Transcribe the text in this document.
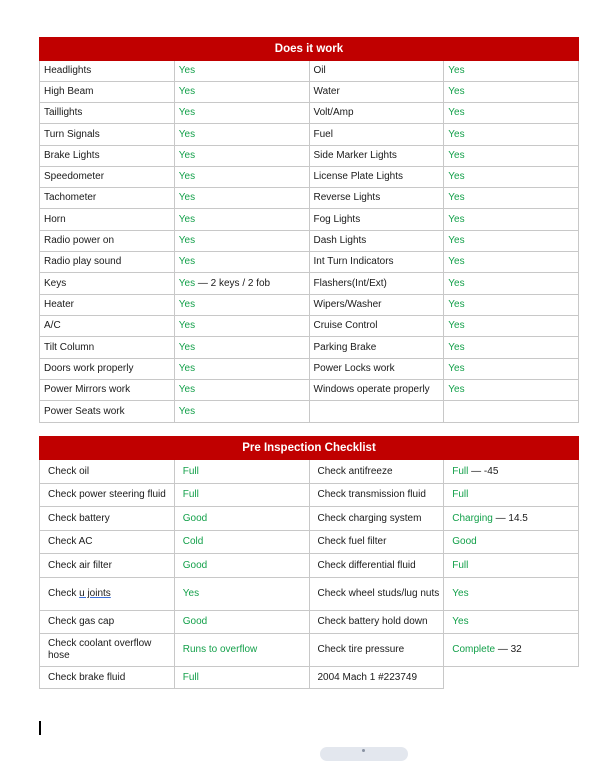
Does it work			
Headlights	Yes	Oil	Yes
High Beam	Yes	Water	Yes
Taillights	Yes	Volt/Amp	Yes
Turn Signals	Yes	Fuel	Yes
Brake Lights	Yes	Side Marker Lights	Yes
Speedometer	Yes	License Plate Lights	Yes
Tachometer	Yes	Reverse Lights	Yes
Horn	Yes	Fog Lights	Yes
Radio power on	Yes	Dash Lights	Yes
Radio play sound	Yes	Int Turn Indicators	Yes
Keys	Yes — 2 keys / 2 fob	Flashers(Int/Ext)	Yes
Heater	Yes	Wipers/Washer	Yes
A/C	Yes	Cruise Control	Yes
Tilt Column	Yes	Parking Brake	Yes
Doors work properly	Yes	Power Locks work	Yes
Power Mirrors work	Yes	Windows operate properly	Yes
Power Seats work	Yes		
Pre Inspection Checklist			
Check oil	Full	Check antifreeze	Full — -45
Check power steering fluid	Full	Check transmission fluid	Full
Check battery	Good	Check charging system	Charging — 14.5
Check AC	Cold	Check fuel filter	Good
Check air filter	Good	Check differential fluid	Full
Check u joints	Yes	Check wheel studs/lug nuts	Yes
Check gas cap	Good	Check battery hold down	Yes
Check coolant overflow hose	Runs to overflow	Check tire pressure	Complete — 32
Check brake fluid	Full	2004 Mach 1 #223749	
